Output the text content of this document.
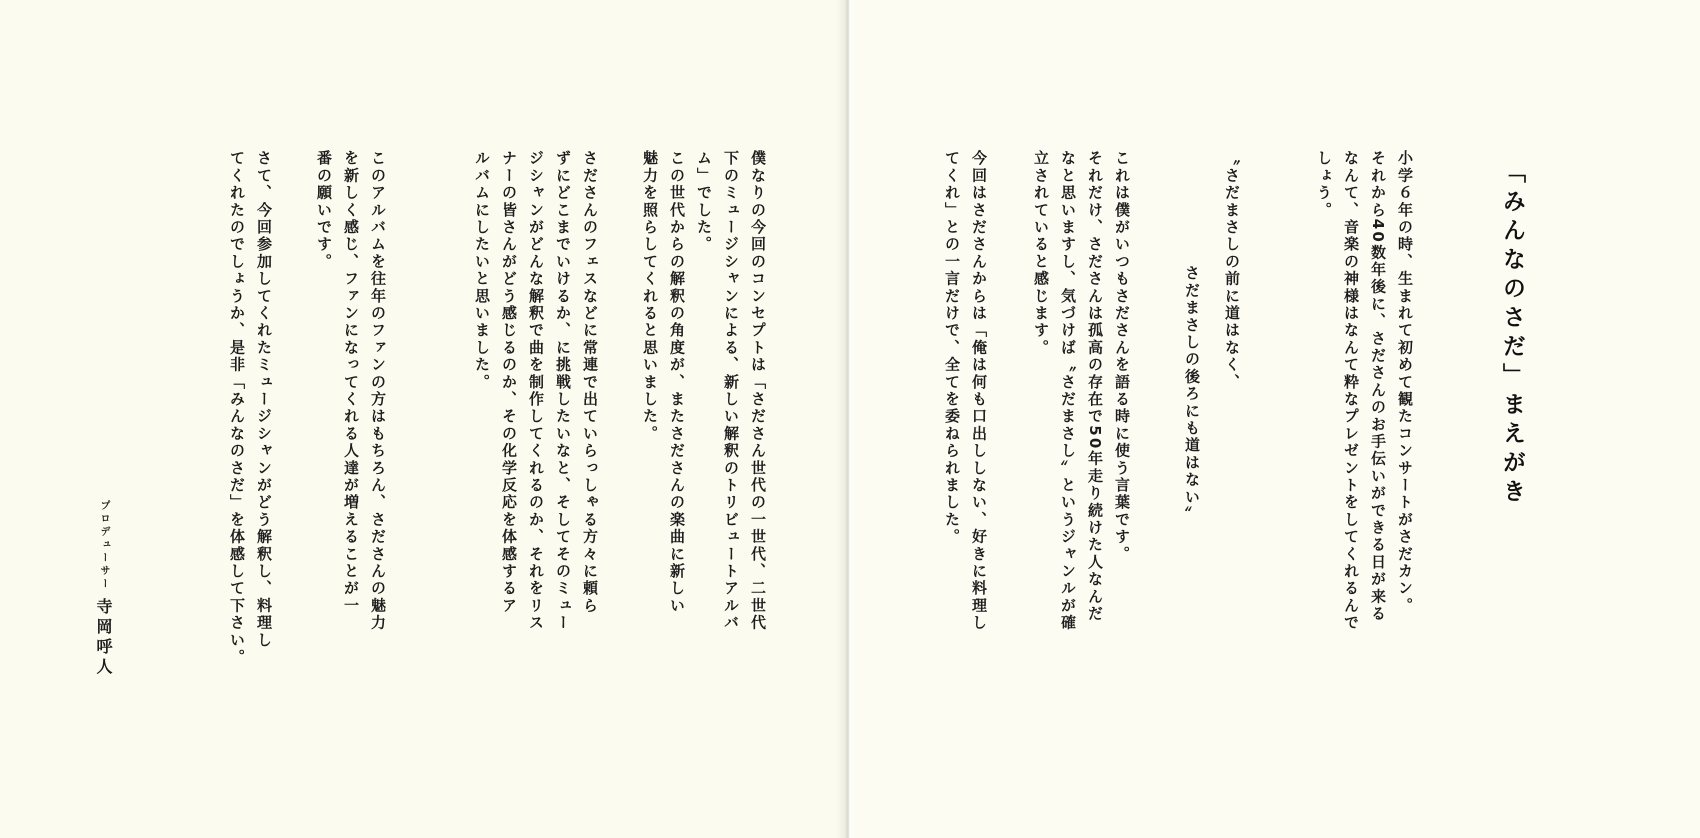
プロデューサー
寺岡呼人
僕なりの今回のコンセプトは「さださん世代の一世代、二世代
下のミュージシャンによる、新しい解釈のトリビュートアルバ
ム」でした。
この世代からの解釈の角度が、またさださんの楽曲に新しい
魅力を照らしてくれると思いました。
さださんのフェスなどに常連で出ていらっしゃる方々に頼ら
ずにどこまでいけるか、に挑戦したいなと、そしてそのミュー
ジシャンがどんな解釈で曲を制作してくれるのか、それをリス
ナーの皆さんがどう感じるのか、その化学反応を体感するア
ルバムにしたいと思いました。
このアルバムを往年のファンの方はもちろん、さださんの魅力
を新しく感じ、ファンになってくれる人達が増えることが一
番の願いです。
さて、今回参加してくれたミュージシャンがどう解釈し、料理し
てくれたのでしょうか、是非「みんなのさだ」を体感して下さい。	「みんなのさだ」まえがき
小学６年の時、生まれて初めて観たコンサートがさだカン。
それから40数年後に、さださんのお手伝いができる日が来る
なんて、音楽の神様はなんて粋なプレゼントをしてくれるんで
しょう。
〝さだまさしの前に道はなく、
さだまさしの後ろにも道はない〟
これは僕がいつもさださんを語る時に使う言葉です。
それだけ、さださんは孤高の存在で50年走り続けた人なんだ
なと思いますし、気づけば〝さだまさし〟というジャンルが確
立されていると感じます。
今回はさださんからは「俺は何も口出ししない、好きに料理し
てくれ」との一言だけで、全てを委ねられました。
